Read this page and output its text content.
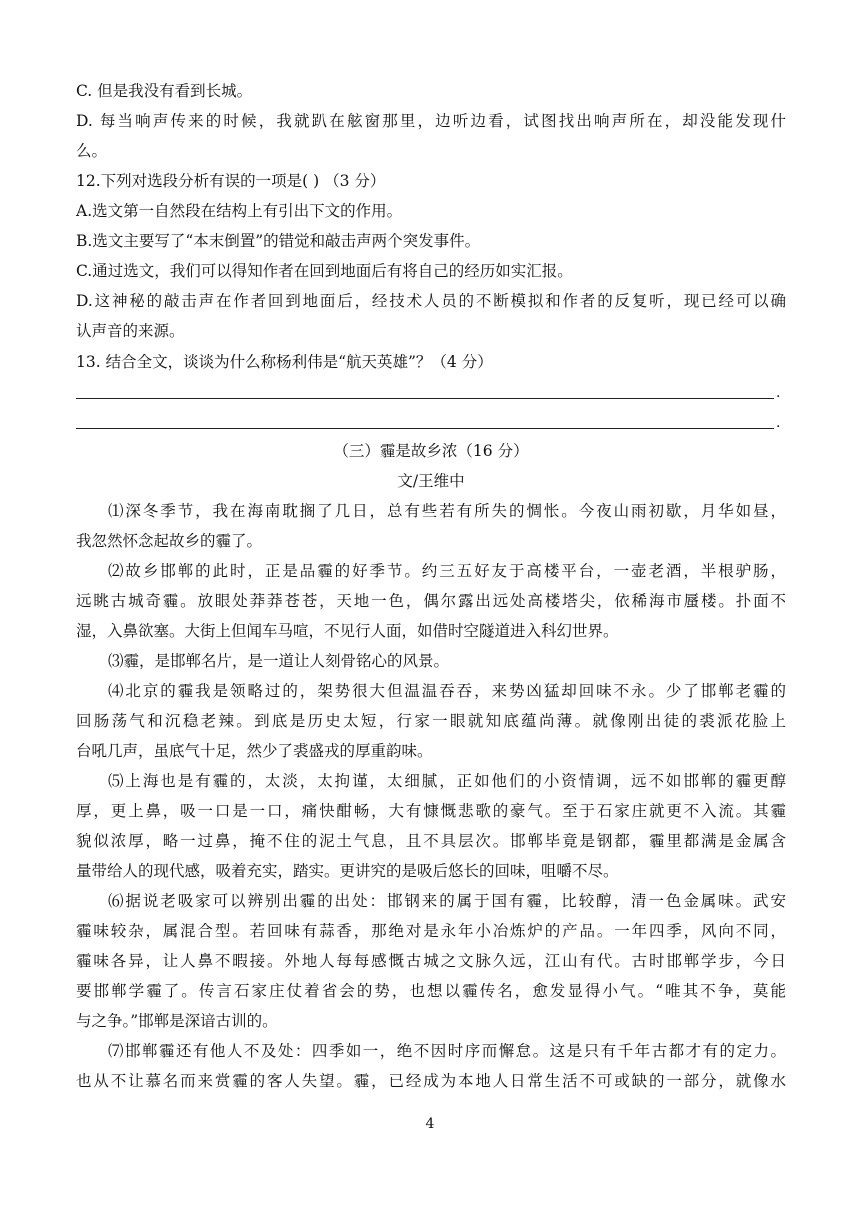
C. 但是我没有看到长城。
D. 每当响声传来的时候，我就趴在舷窗那里，边听边看，试图找出响声所在，却没能发现什
么。
12.下列对选段分析有误的一项是( ) （3 分）
A.选文第一自然段在结构上有引出下文的作用。
B.选文主要写了“本末倒置”的错觉和敲击声两个突发事件。
C.通过选文，我们可以得知作者在回到地面后有将自己的经历如实汇报。
D.这神秘的敲击声在作者回到地面后，经技术人员的不断模拟和作者的反复听，现已经可以确
认声音的来源。
13. 结合全文，谈谈为什么称杨利伟是“航天英雄”？（4 分）
.
.
（三）霾是故乡浓（16 分）
文/王维中
⑴深冬季节，我在海南耽搁了几日，总有些若有所失的惆怅。今夜山雨初歇，月华如昼，
我忽然怀念起故乡的霾了。
⑵故乡邯郸的此时，正是品霾的好季节。约三五好友于高楼平台，一壶老酒，半根驴肠，
远眺古城奇霾。放眼处莽莽苍苍，天地一色，偶尔露出远处高楼塔尖，依稀海市蜃楼。扑面不
湿，入鼻欲塞。大街上但闻车马喧，不见行人面，如借时空隧道进入科幻世界。
⑶霾，是邯郸名片，是一道让人刻骨铭心的风景。
⑷北京的霾我是领略过的，架势很大但温温吞吞，来势凶猛却回味不永。少了邯郸老霾的
回肠荡气和沉稳老辣。到底是历史太短，行家一眼就知底蕴尚薄。就像刚出徒的裘派花脸上
台吼几声，虽底气十足，然少了裘盛戎的厚重韵味。
⑸上海也是有霾的，太淡，太拘谨，太细腻，正如他们的小资情调，远不如邯郸的霾更醇
厚，更上鼻，吸一口是一口，痛快酣畅，大有慷慨悲歌的豪气。至于石家庄就更不入流。其霾
貌似浓厚，略一过鼻，掩不住的泥土气息，且不具层次。邯郸毕竟是钢都，霾里都满是金属含
量带给人的现代感，吸着充实，踏实。更讲究的是吸后悠长的回味，咀嚼不尽。
⑹据说老吸家可以辨别出霾的出处：邯钢来的属于国有霾，比较醇，清一色金属味。武安
霾味较杂，属混合型。若回味有蒜香，那绝对是永年小冶炼炉的产品。一年四季，风向不同，
霾味各异，让人鼻不暇接。外地人每每感慨古城之文脉久远，江山有代。古时邯郸学步，今日
要邯郸学霾了。传言石家庄仗着省会的势，也想以霾传名，愈发显得小气。“唯其不争，莫能
与之争。”邯郸是深谙古训的。
⑺邯郸霾还有他人不及处：四季如一，绝不因时序而懈怠。这是只有千年古都才有的定力。
也从不让慕名而来赏霾的客人失望。霾，已经成为本地人日常生活不可或缺的一部分，就像水
4
